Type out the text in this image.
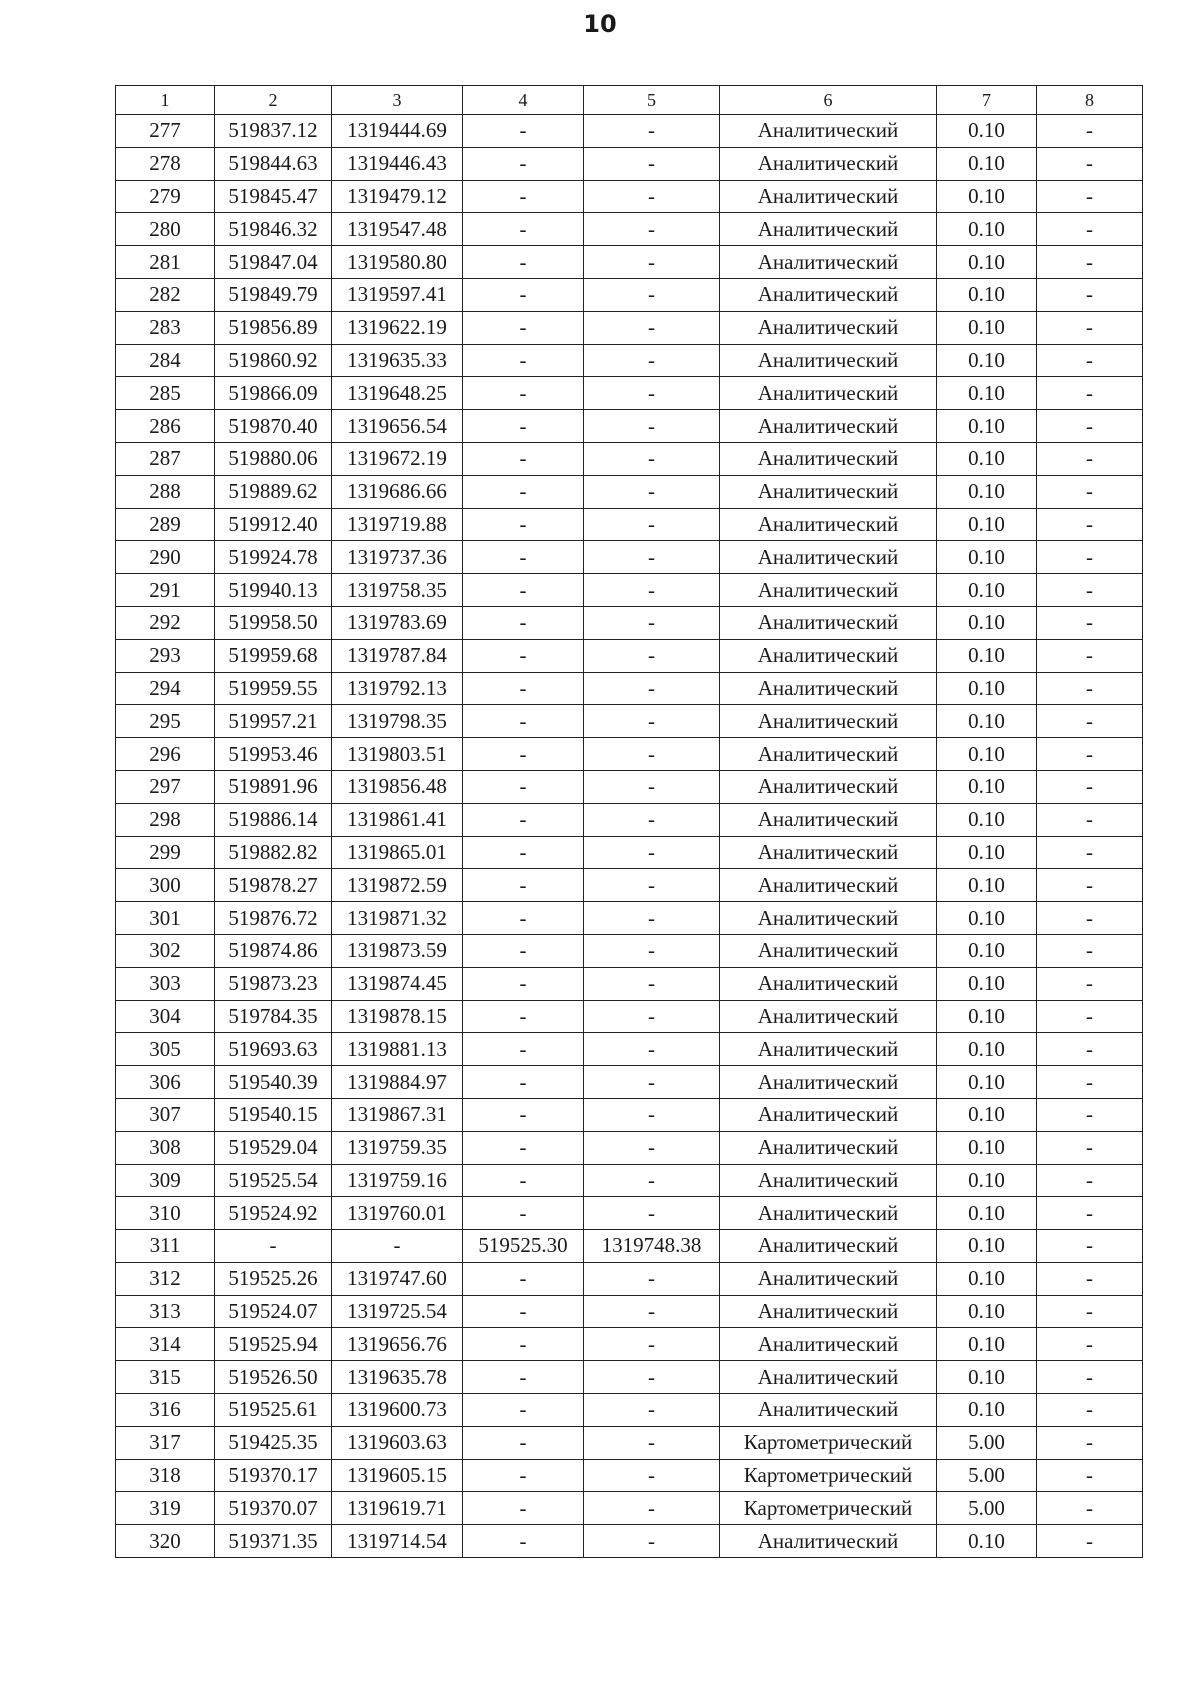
10
1	2	3	4	5	6	7	8
277	519837.12	1319444.69	-	-	Аналитический	0.10	-
278	519844.63	1319446.43	-	-	Аналитический	0.10	-
279	519845.47	1319479.12	-	-	Аналитический	0.10	-
280	519846.32	1319547.48	-	-	Аналитический	0.10	-
281	519847.04	1319580.80	-	-	Аналитический	0.10	-
282	519849.79	1319597.41	-	-	Аналитический	0.10	-
283	519856.89	1319622.19	-	-	Аналитический	0.10	-
284	519860.92	1319635.33	-	-	Аналитический	0.10	-
285	519866.09	1319648.25	-	-	Аналитический	0.10	-
286	519870.40	1319656.54	-	-	Аналитический	0.10	-
287	519880.06	1319672.19	-	-	Аналитический	0.10	-
288	519889.62	1319686.66	-	-	Аналитический	0.10	-
289	519912.40	1319719.88	-	-	Аналитический	0.10	-
290	519924.78	1319737.36	-	-	Аналитический	0.10	-
291	519940.13	1319758.35	-	-	Аналитический	0.10	-
292	519958.50	1319783.69	-	-	Аналитический	0.10	-
293	519959.68	1319787.84	-	-	Аналитический	0.10	-
294	519959.55	1319792.13	-	-	Аналитический	0.10	-
295	519957.21	1319798.35	-	-	Аналитический	0.10	-
296	519953.46	1319803.51	-	-	Аналитический	0.10	-
297	519891.96	1319856.48	-	-	Аналитический	0.10	-
298	519886.14	1319861.41	-	-	Аналитический	0.10	-
299	519882.82	1319865.01	-	-	Аналитический	0.10	-
300	519878.27	1319872.59	-	-	Аналитический	0.10	-
301	519876.72	1319871.32	-	-	Аналитический	0.10	-
302	519874.86	1319873.59	-	-	Аналитический	0.10	-
303	519873.23	1319874.45	-	-	Аналитический	0.10	-
304	519784.35	1319878.15	-	-	Аналитический	0.10	-
305	519693.63	1319881.13	-	-	Аналитический	0.10	-
306	519540.39	1319884.97	-	-	Аналитический	0.10	-
307	519540.15	1319867.31	-	-	Аналитический	0.10	-
308	519529.04	1319759.35	-	-	Аналитический	0.10	-
309	519525.54	1319759.16	-	-	Аналитический	0.10	-
310	519524.92	1319760.01	-	-	Аналитический	0.10	-
311	-	-	519525.30	1319748.38	Аналитический	0.10	-
312	519525.26	1319747.60	-	-	Аналитический	0.10	-
313	519524.07	1319725.54	-	-	Аналитический	0.10	-
314	519525.94	1319656.76	-	-	Аналитический	0.10	-
315	519526.50	1319635.78	-	-	Аналитический	0.10	-
316	519525.61	1319600.73	-	-	Аналитический	0.10	-
317	519425.35	1319603.63	-	-	Картометрический	5.00	-
318	519370.17	1319605.15	-	-	Картометрический	5.00	-
319	519370.07	1319619.71	-	-	Картометрический	5.00	-
320	519371.35	1319714.54	-	-	Аналитический	0.10	-
